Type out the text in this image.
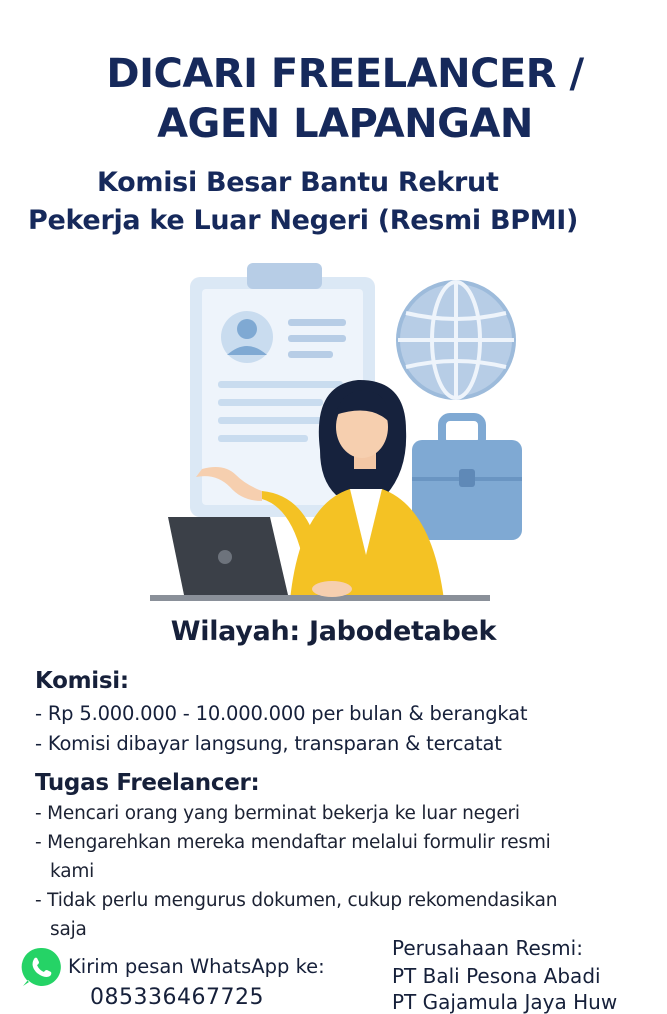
DICARI FREELANCER /
AGEN LAPANGAN
Komisi Besar Bantu Rekrut
Pekerja ke Luar Negeri (Resmi BPMI)
Wilayah: Jabodetabek
Komisi:
- Rp 5.000.000 - 10.000.000 per bulan & berangkat
- Komisi dibayar langsung, transparan & tercatat
Tugas Freelancer:
- Mencari orang yang berminat bekerja ke luar negeri
- Mengarehkan mereka mendaftar melalui formulir resmi
kami
- Tidak perlu mengurus dokumen, cukup rekomendasikan
saja
Kirim pesan WhatsApp ke:
085336467725
Perusahaan Resmi:
PT Bali Pesona Abadi
PT Gajamula Jaya Huw
